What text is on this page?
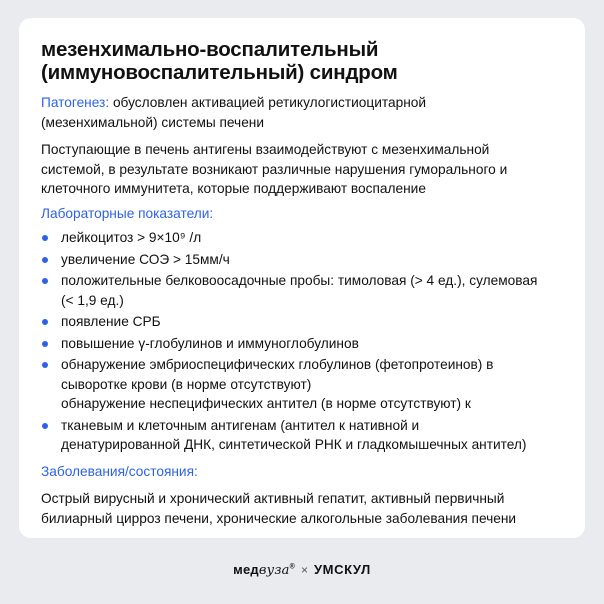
мезенхимально-воспалительный
(иммуновоспалительный) синдром

Патогенез: обусловлен активацией ретикулогистиоцитарной
(мезенхимальной) системы печени

Поступающие в печень антигены взаимодействуют с мезенхимальной
системой, в результате возникают различные нарушения гуморального и
клеточного иммунитета, которые поддерживают воспаление

Лабораторные показатели:

лейкоцитоз > 9×10⁹ /л
увеличение СОЭ > 15мм/ч
положительные белковоосадочные пробы: тимоловая (> 4 ед.), сулемовая
(< 1,9 ед.)
появление СРБ
повышение γ-глобулинов и иммуноглобулинов
обнаружение эмбриоспецифических глобулинов (фетопротеинов) в
сыворотке крови (в норме отсутствуют)
обнаружение неспецифических антител (в норме отсутствуют) к
тканевым и клеточным антигенам (антител к нативной и
денатурированной ДНК, синтетической РНК и гладкомышечных антител)

Заболевания/состояния:

Острый вирусный и хронический активный гепатит, активный первичный
билиарный цирроз печени, хронические алкогольные заболевания печени

медвуза® × УМСКУЛ
